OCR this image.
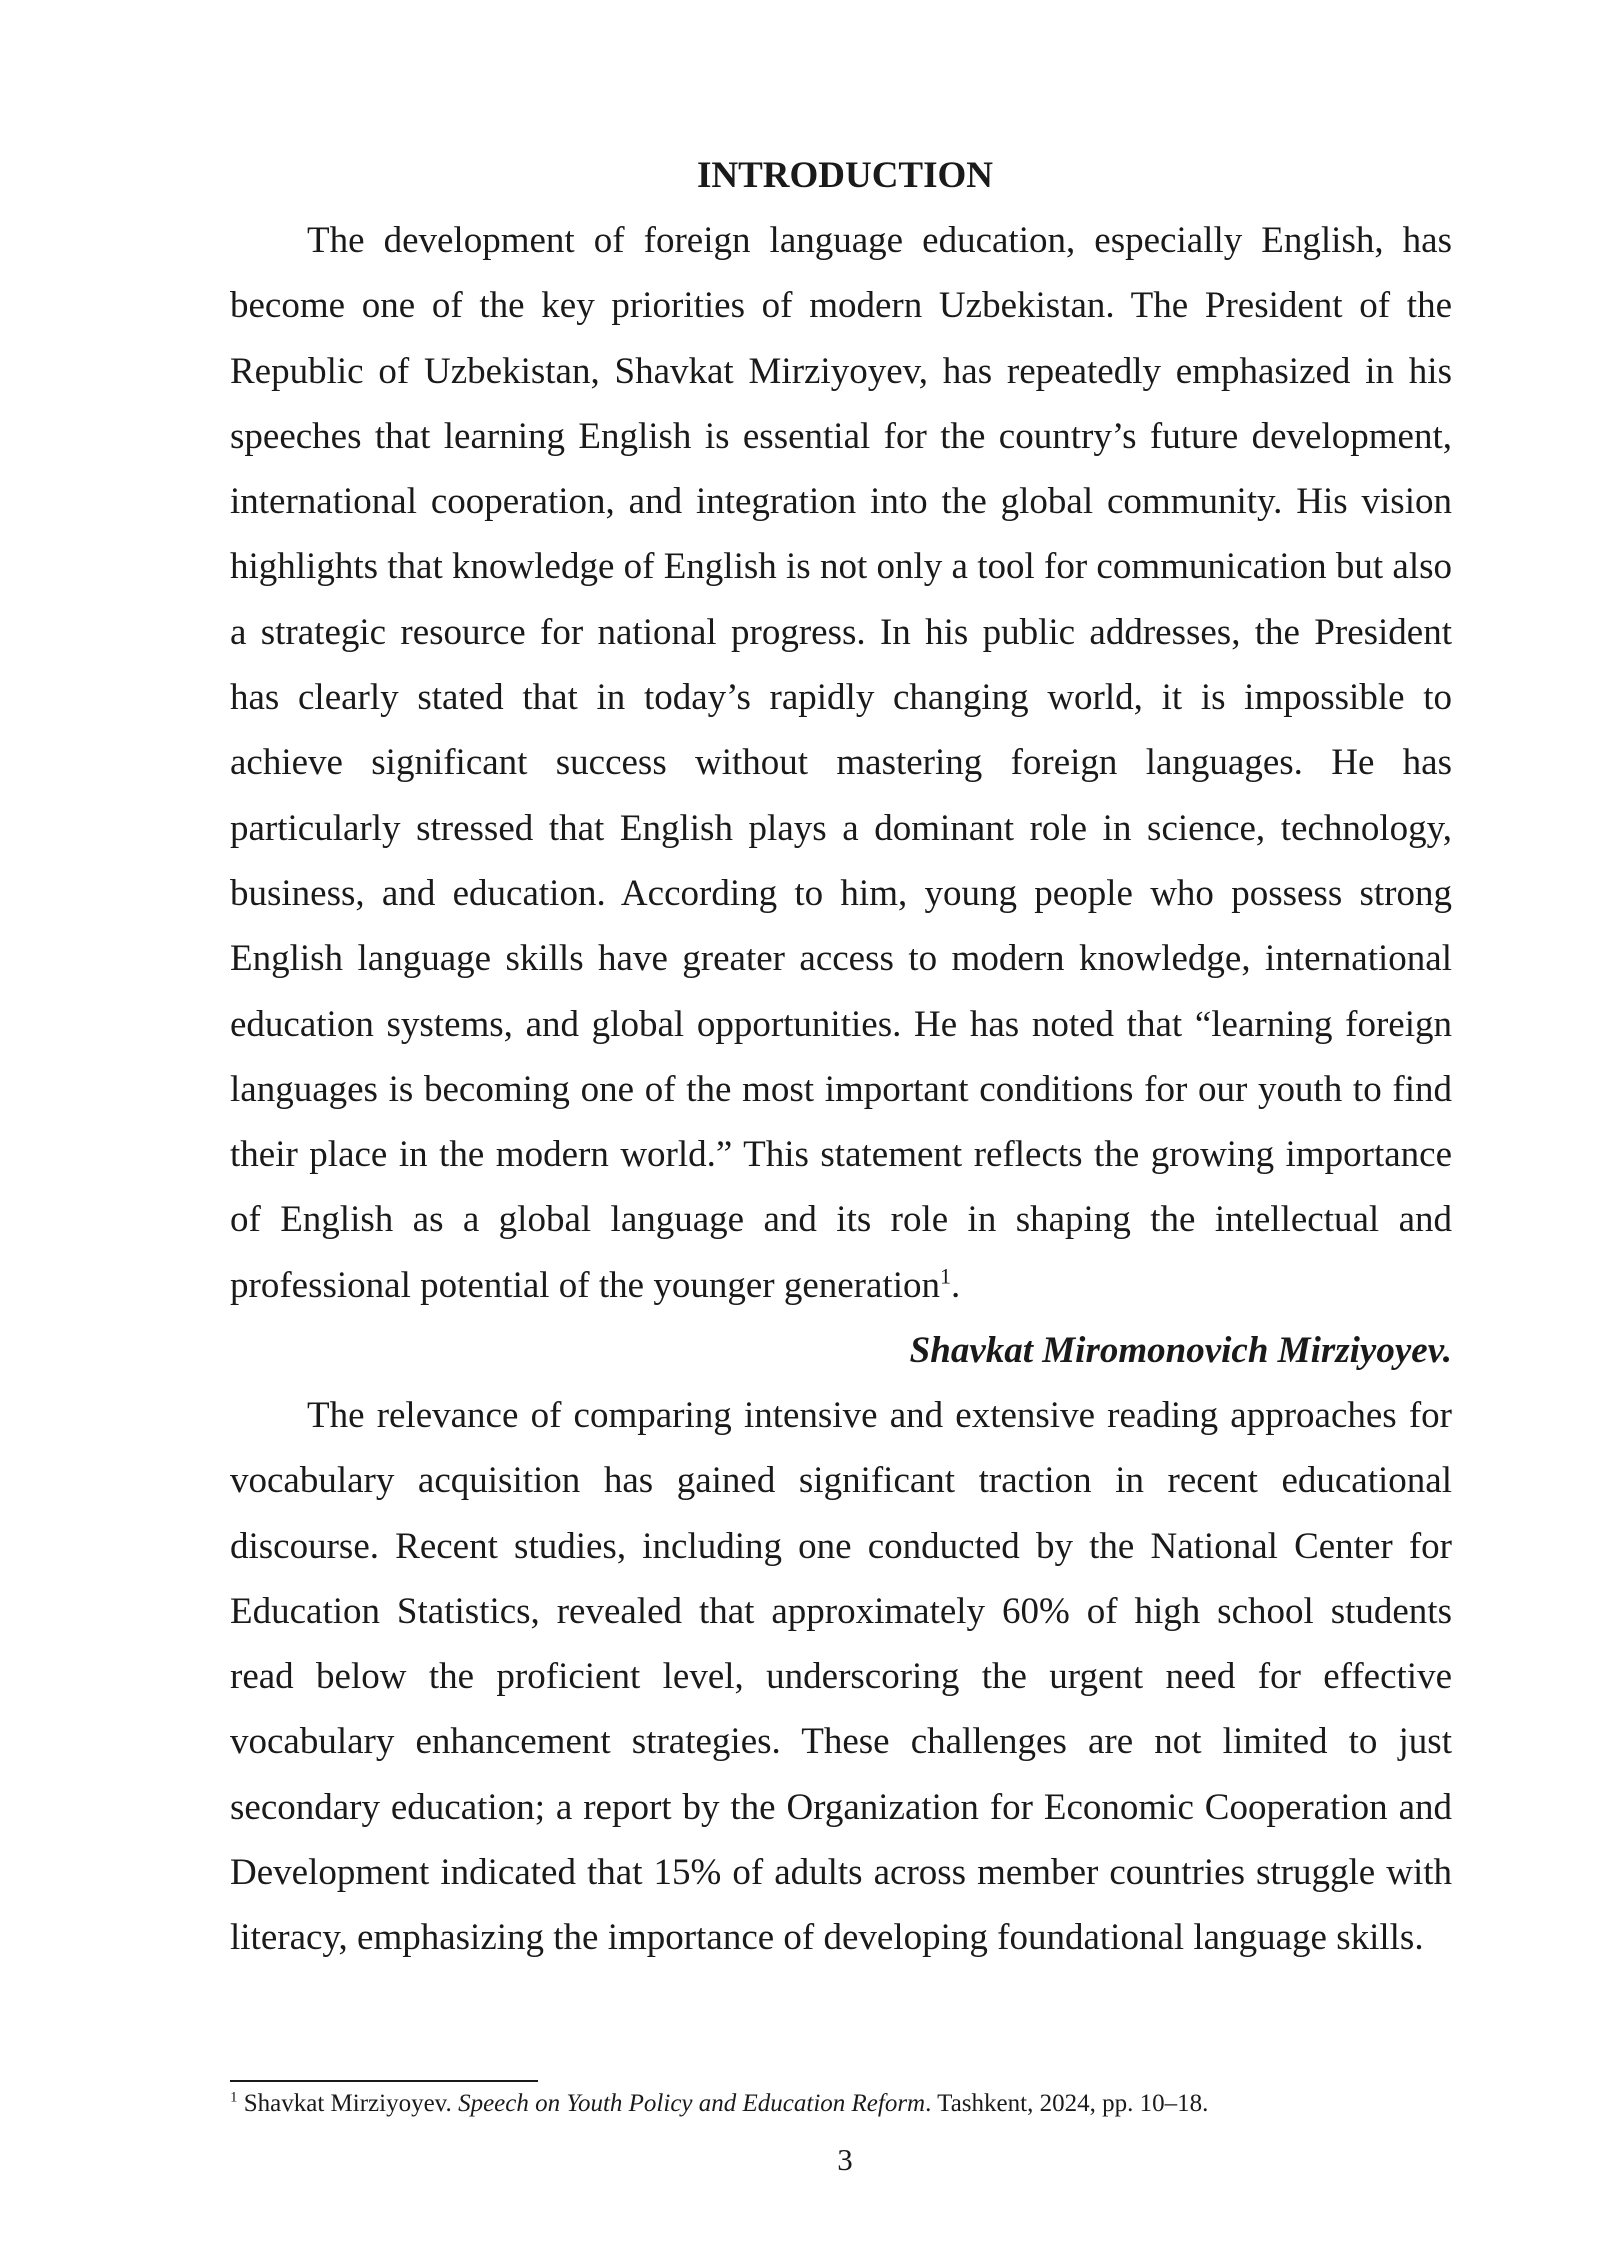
INTRODUCTION

The development of foreign language education, especially English, has become one of the key priorities of modern Uzbekistan. The President of the Republic of Uzbekistan, Shavkat Mirziyoyev, has repeatedly emphasized in his speeches that learning English is essential for the country’s future development, international cooperation, and integration into the global community. His vision highlights that knowledge of English is not only a tool for communication but also a strategic resource for national progress. In his public addresses, the President has clearly stated that in today’s rapidly changing world, it is impossible to achieve significant success without mastering foreign languages. He has particularly stressed that English plays a dominant role in science, technology, business, and education. According to him, young people who possess strong English language skills have greater access to modern knowledge, international education systems, and global opportunities. He has noted that “learning foreign languages is becoming one of the most important conditions for our youth to find their place in the modern world.” This statement reflects the growing importance of English as a global language and its role in shaping the intellectual and professional potential of the younger generation$^1$.

Shavkat Miromonovich Mirziyoyev.

The relevance of comparing intensive and extensive reading approaches for vocabulary acquisition has gained significant traction in recent educational discourse. Recent studies, including one conducted by the National Center for Education Statistics, revealed that approximately 60% of high school students read below the proficient level, underscoring the urgent need for effective vocabulary enhancement strategies. These challenges are not limited to just secondary education; a report by the Organization for Economic Cooperation and Development indicated that 15% of adults across member countries struggle with literacy, emphasizing the importance of developing foundational language skills.

$^1$ Shavkat Mirziyoyev. Speech on Youth Policy and Education Reform. Tashkent, 2024, pp. 10–18.

3
